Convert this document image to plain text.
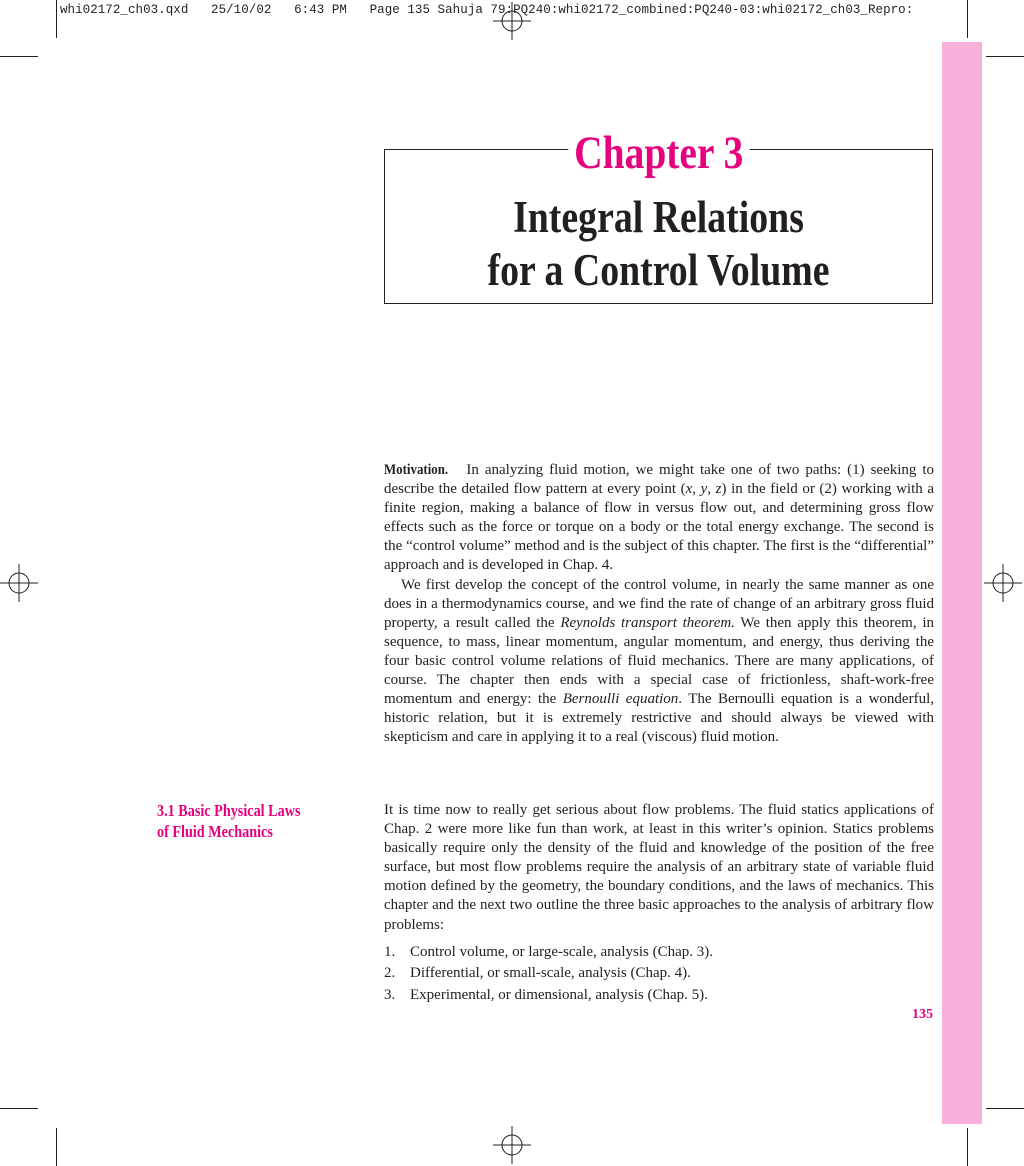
whi02172_ch03.qxd   25/10/02   6:43 PM   Page 135 Sahuja 79:PQ240:whi02172_combined:PQ240-03:whi02172_ch03_Repro:
Chapter 3
Integral Relations
for a Control Volume

Motivation. In analyzing fluid motion, we might take one of two paths: (1) seeking to describe the detailed flow pattern at every point (x, y, z) in the field or (2) working with a finite region, making a balance of flow in versus flow out, and determining gross flow effects such as the force or torque on a body or the total energy exchange. The second is the “control volume” method and is the subject of this chapter. The first is the “differential” approach and is developed in Chap. 4.

We first develop the concept of the control volume, in nearly the same manner as one does in a thermodynamics course, and we find the rate of change of an arbitrary gross fluid property, a result called the Reynolds transport theorem. We then apply this theorem, in sequence, to mass, linear momentum, angular momentum, and energy, thus deriving the four basic control volume relations of fluid mechanics. There are many applications, of course. The chapter then ends with a special case of frictionless, shaft-work-free momentum and energy: the Bernoulli equation. The Bernoulli equation is a wonderful, historic relation, but it is extremely restrictive and should always be viewed with skepticism and care in applying it to a real (viscous) fluid motion.

3.1 Basic Physical Laws
of Fluid Mechanics

It is time now to really get serious about flow problems. The fluid statics applications of Chap. 2 were more like fun than work, at least in this writer’s opinion. Statics problems basically require only the density of the fluid and knowledge of the position of the free surface, but most flow problems require the analysis of an arbitrary state of variable fluid motion defined by the geometry, the boundary conditions, and the laws of mechanics. This chapter and the next two outline the three basic approaches to the analysis of arbitrary flow problems:

1. Control volume, or large-scale, analysis (Chap. 3).
2. Differential, or small-scale, analysis (Chap. 4).
3. Experimental, or dimensional, analysis (Chap. 5).
135
